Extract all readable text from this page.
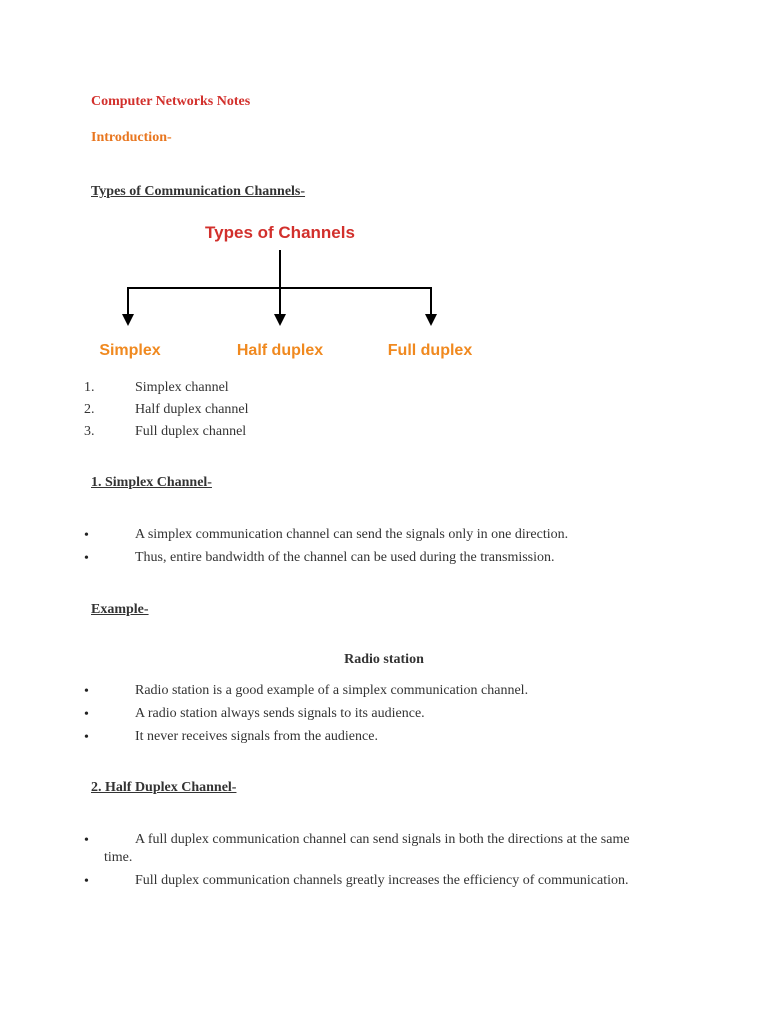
Computer Networks Notes
Introduction-
Types of Communication Channels-
Types of Channels
Simplex	Half duplex	Full duplex
1.	Simplex channel
2.	Half duplex channel
3.	Full duplex channel
1. Simplex Channel-
•	A simplex communication channel can send the signals only in one direction.
•	Thus, entire bandwidth of the channel can be used during the transmission.
Example-
Radio station
•	Radio station is a good example of a simplex communication channel.
•	A radio station always sends signals to its audience.
•	It never receives signals from the audience.
2. Half Duplex Channel-
•	A full duplex communication channel can send signals in both the directions at the same
time.
•	Full duplex communication channels greatly increases the efficiency of communication.
